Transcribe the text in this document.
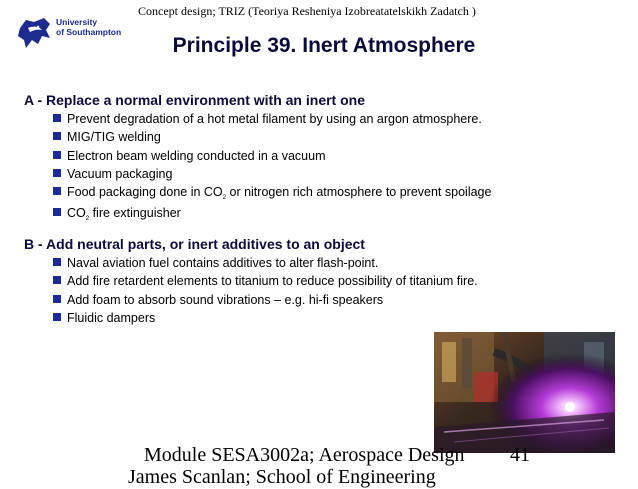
Concept design; TRIZ (Teoriya Resheniya Izobreatatelskikh Zadatch )
University
of Southampton
Principle 39. Inert Atmosphere
A - Replace a normal environment with an inert one
Prevent degradation of a hot metal filament by using an argon atmosphere.
MIG/TIG welding
Electron beam welding conducted in a vacuum
Vacuum packaging
Food packaging done in $CO_2$ or nitrogen rich atmosphere to prevent spoilage
$CO_2$ fire extinguisher
B - Add neutral parts, or inert additives to an object
Naval aviation fuel contains additives to alter flash-point.
Add fire retardent elements to titanium to reduce possibility of titanium fire.
Add foam to absorb sound vibrations – e.g. hi-fi speakers
Fluidic dampers
Module SESA3002a; Aerospace Design 41
James Scanlan; School of Engineering
